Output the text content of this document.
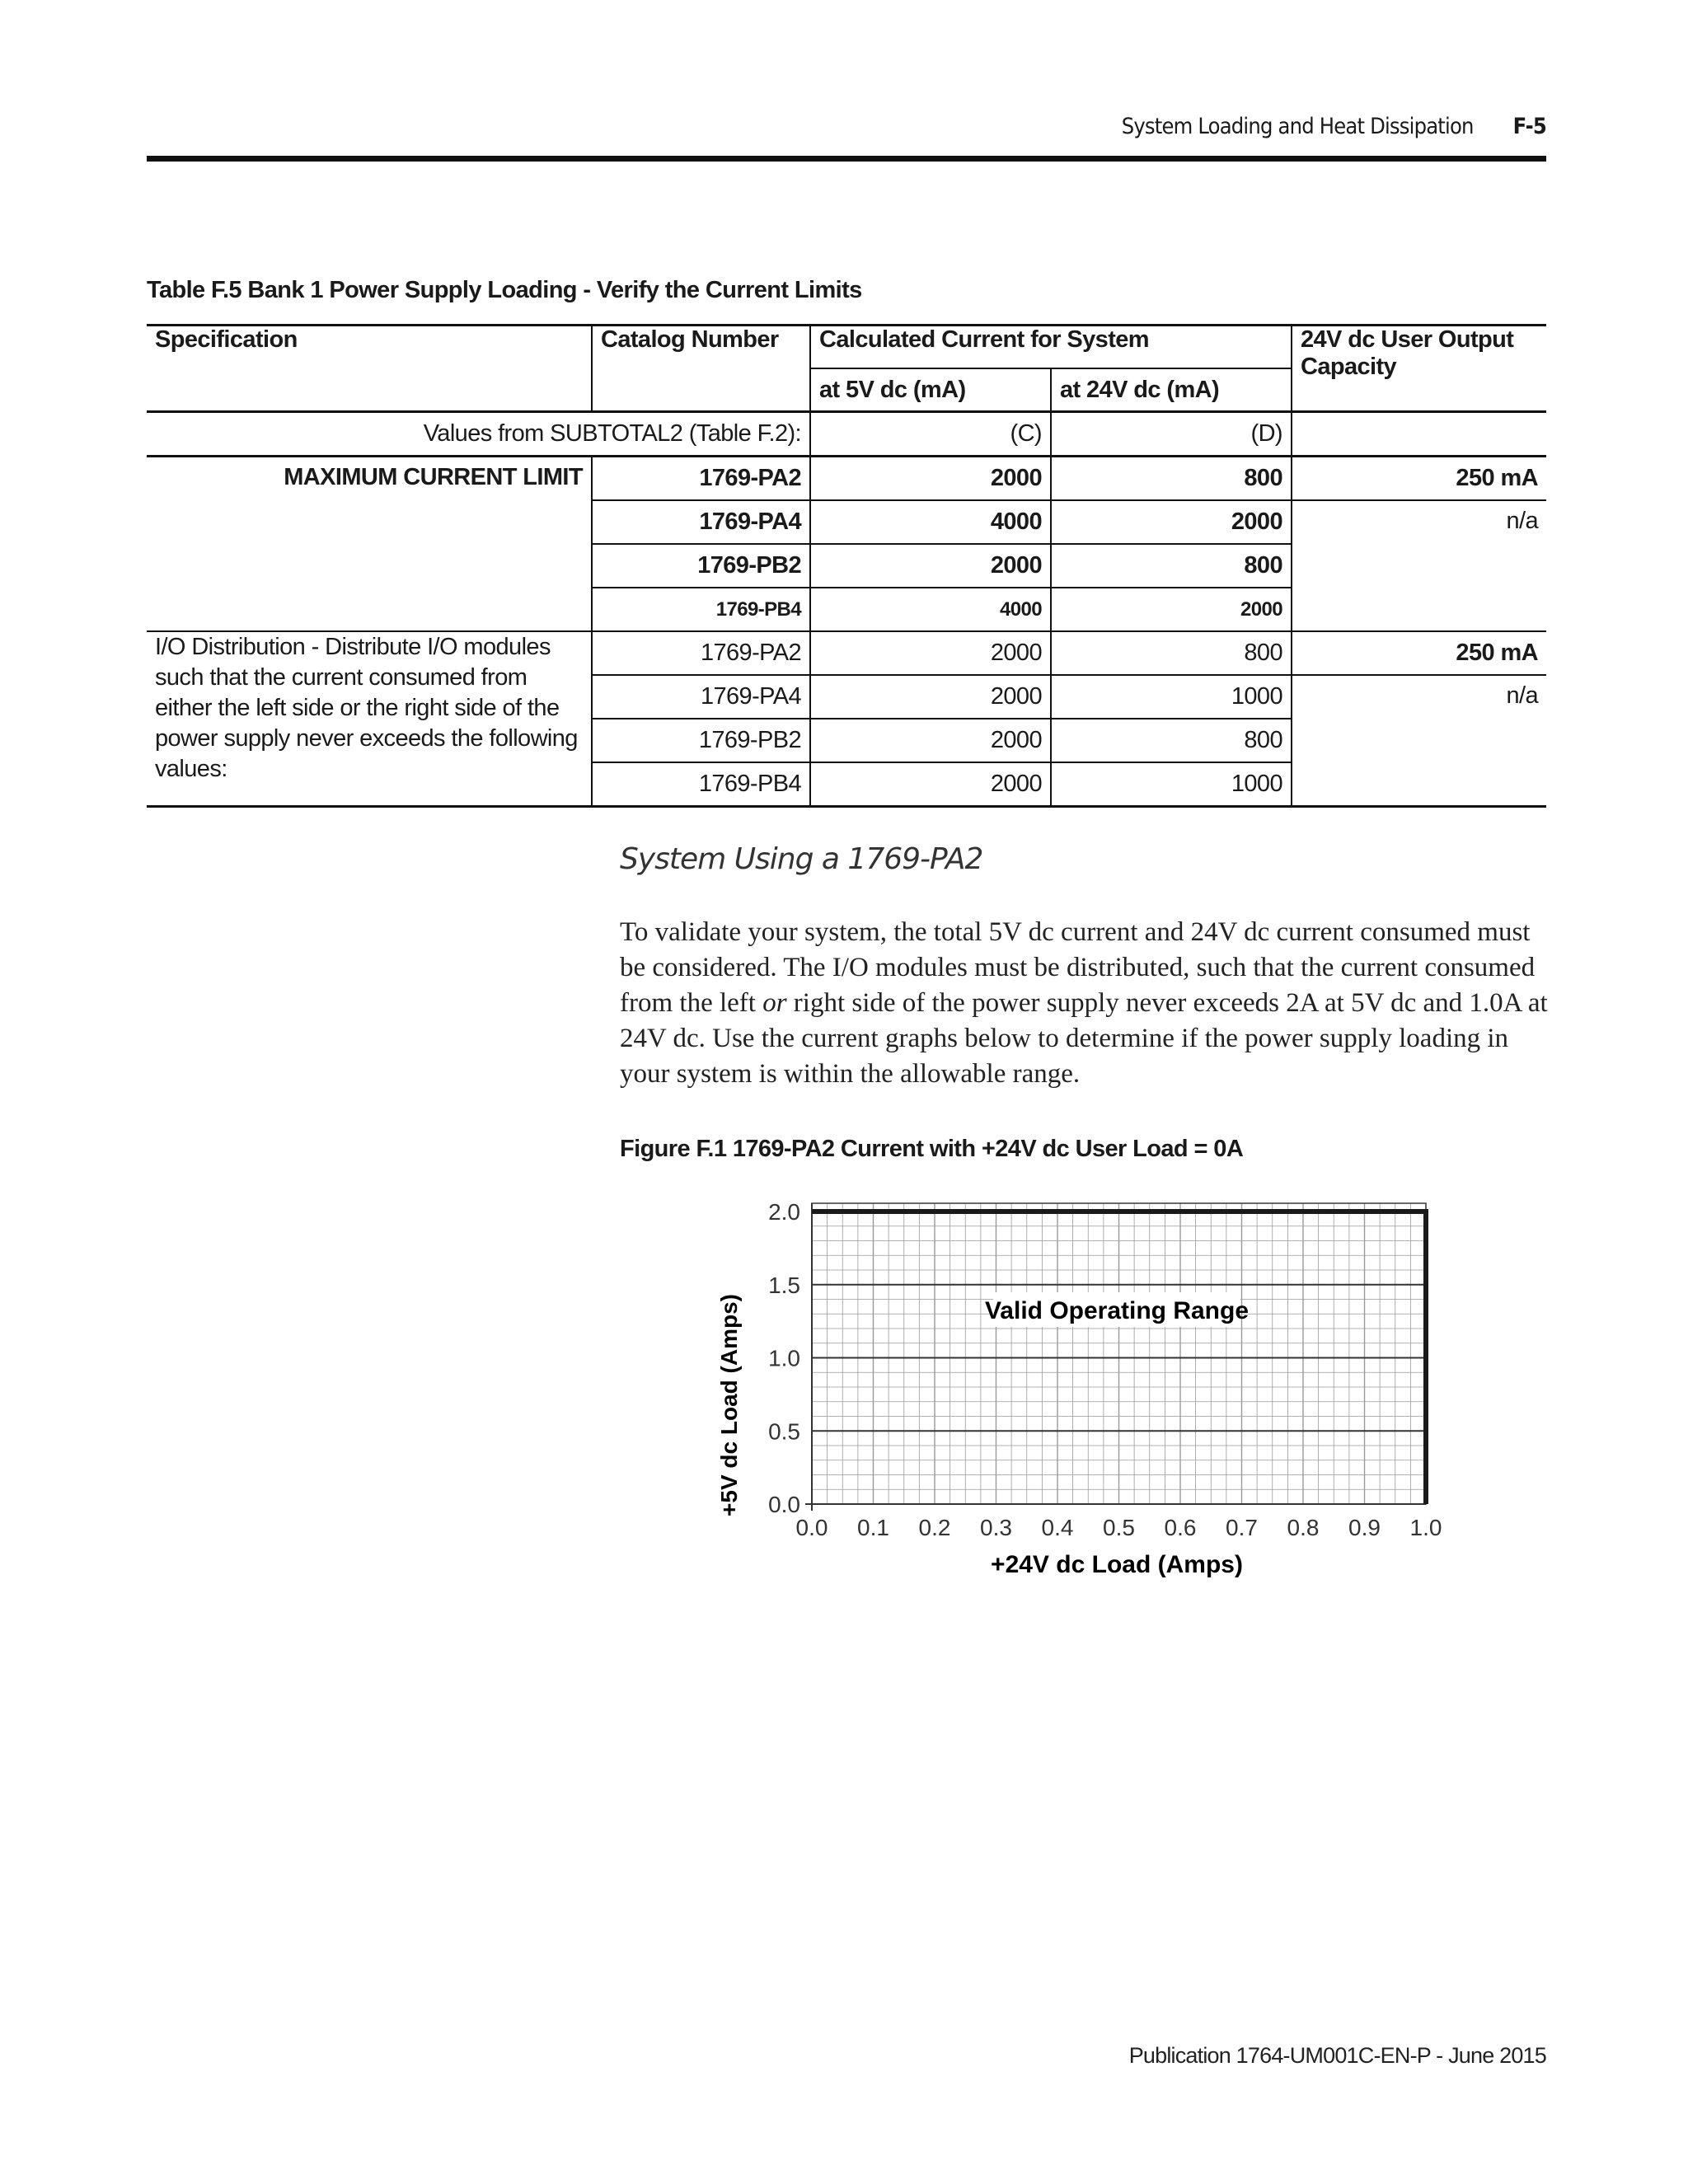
System Loading and Heat Dissipation F-5
Table F.5 Bank 1 Power Supply Loading - Verify the Current Limits
Specification	Catalog Number	Calculated Current for System		24V dc User Output Capacity
		at 5V dc (mA)	at 24V dc (mA)	
Values from SUBTOTAL2 (Table F.2):		(C)	(D)	
MAXIMUM CURRENT LIMIT	1769-PA2	2000	800	250 mA
	1769-PA4	4000	2000	n/a
	1769-PB2	2000	800	
	1769-PB4	4000	2000	
I/O Distribution - Distribute I/O modules such that the current consumed from either the left side or the right side of the power supply never exceeds the following values:	1769-PA2	2000	800	250 mA
	1769-PA4	2000	1000	n/a
	1769-PB2	2000	800	
	1769-PB4	2000	1000	
System Using a 1769-PA2
To validate your system, the total 5V dc current and 24V dc current consumed must be considered. The I/O modules must be distributed, such that the current consumed from the left or right side of the power supply never exceeds 2A at 5V dc and 1.0A at 24V dc. Use the current graphs below to determine if the power supply loading in your system is within the allowable range.
Figure F.1 1769-PA2 Current with +24V dc User Load = 0A
Valid Operating Range
0.0 0.1 0.2 0.3 0.4 0.5 0.6 0.7 0.8 0.9 1.0
0.0
0.5
1.0
1.5
2.0
+24V dc Load (Amps)
+5V dc Load (Amps)
Publication 1764-UM001C-EN-P - June 2015
